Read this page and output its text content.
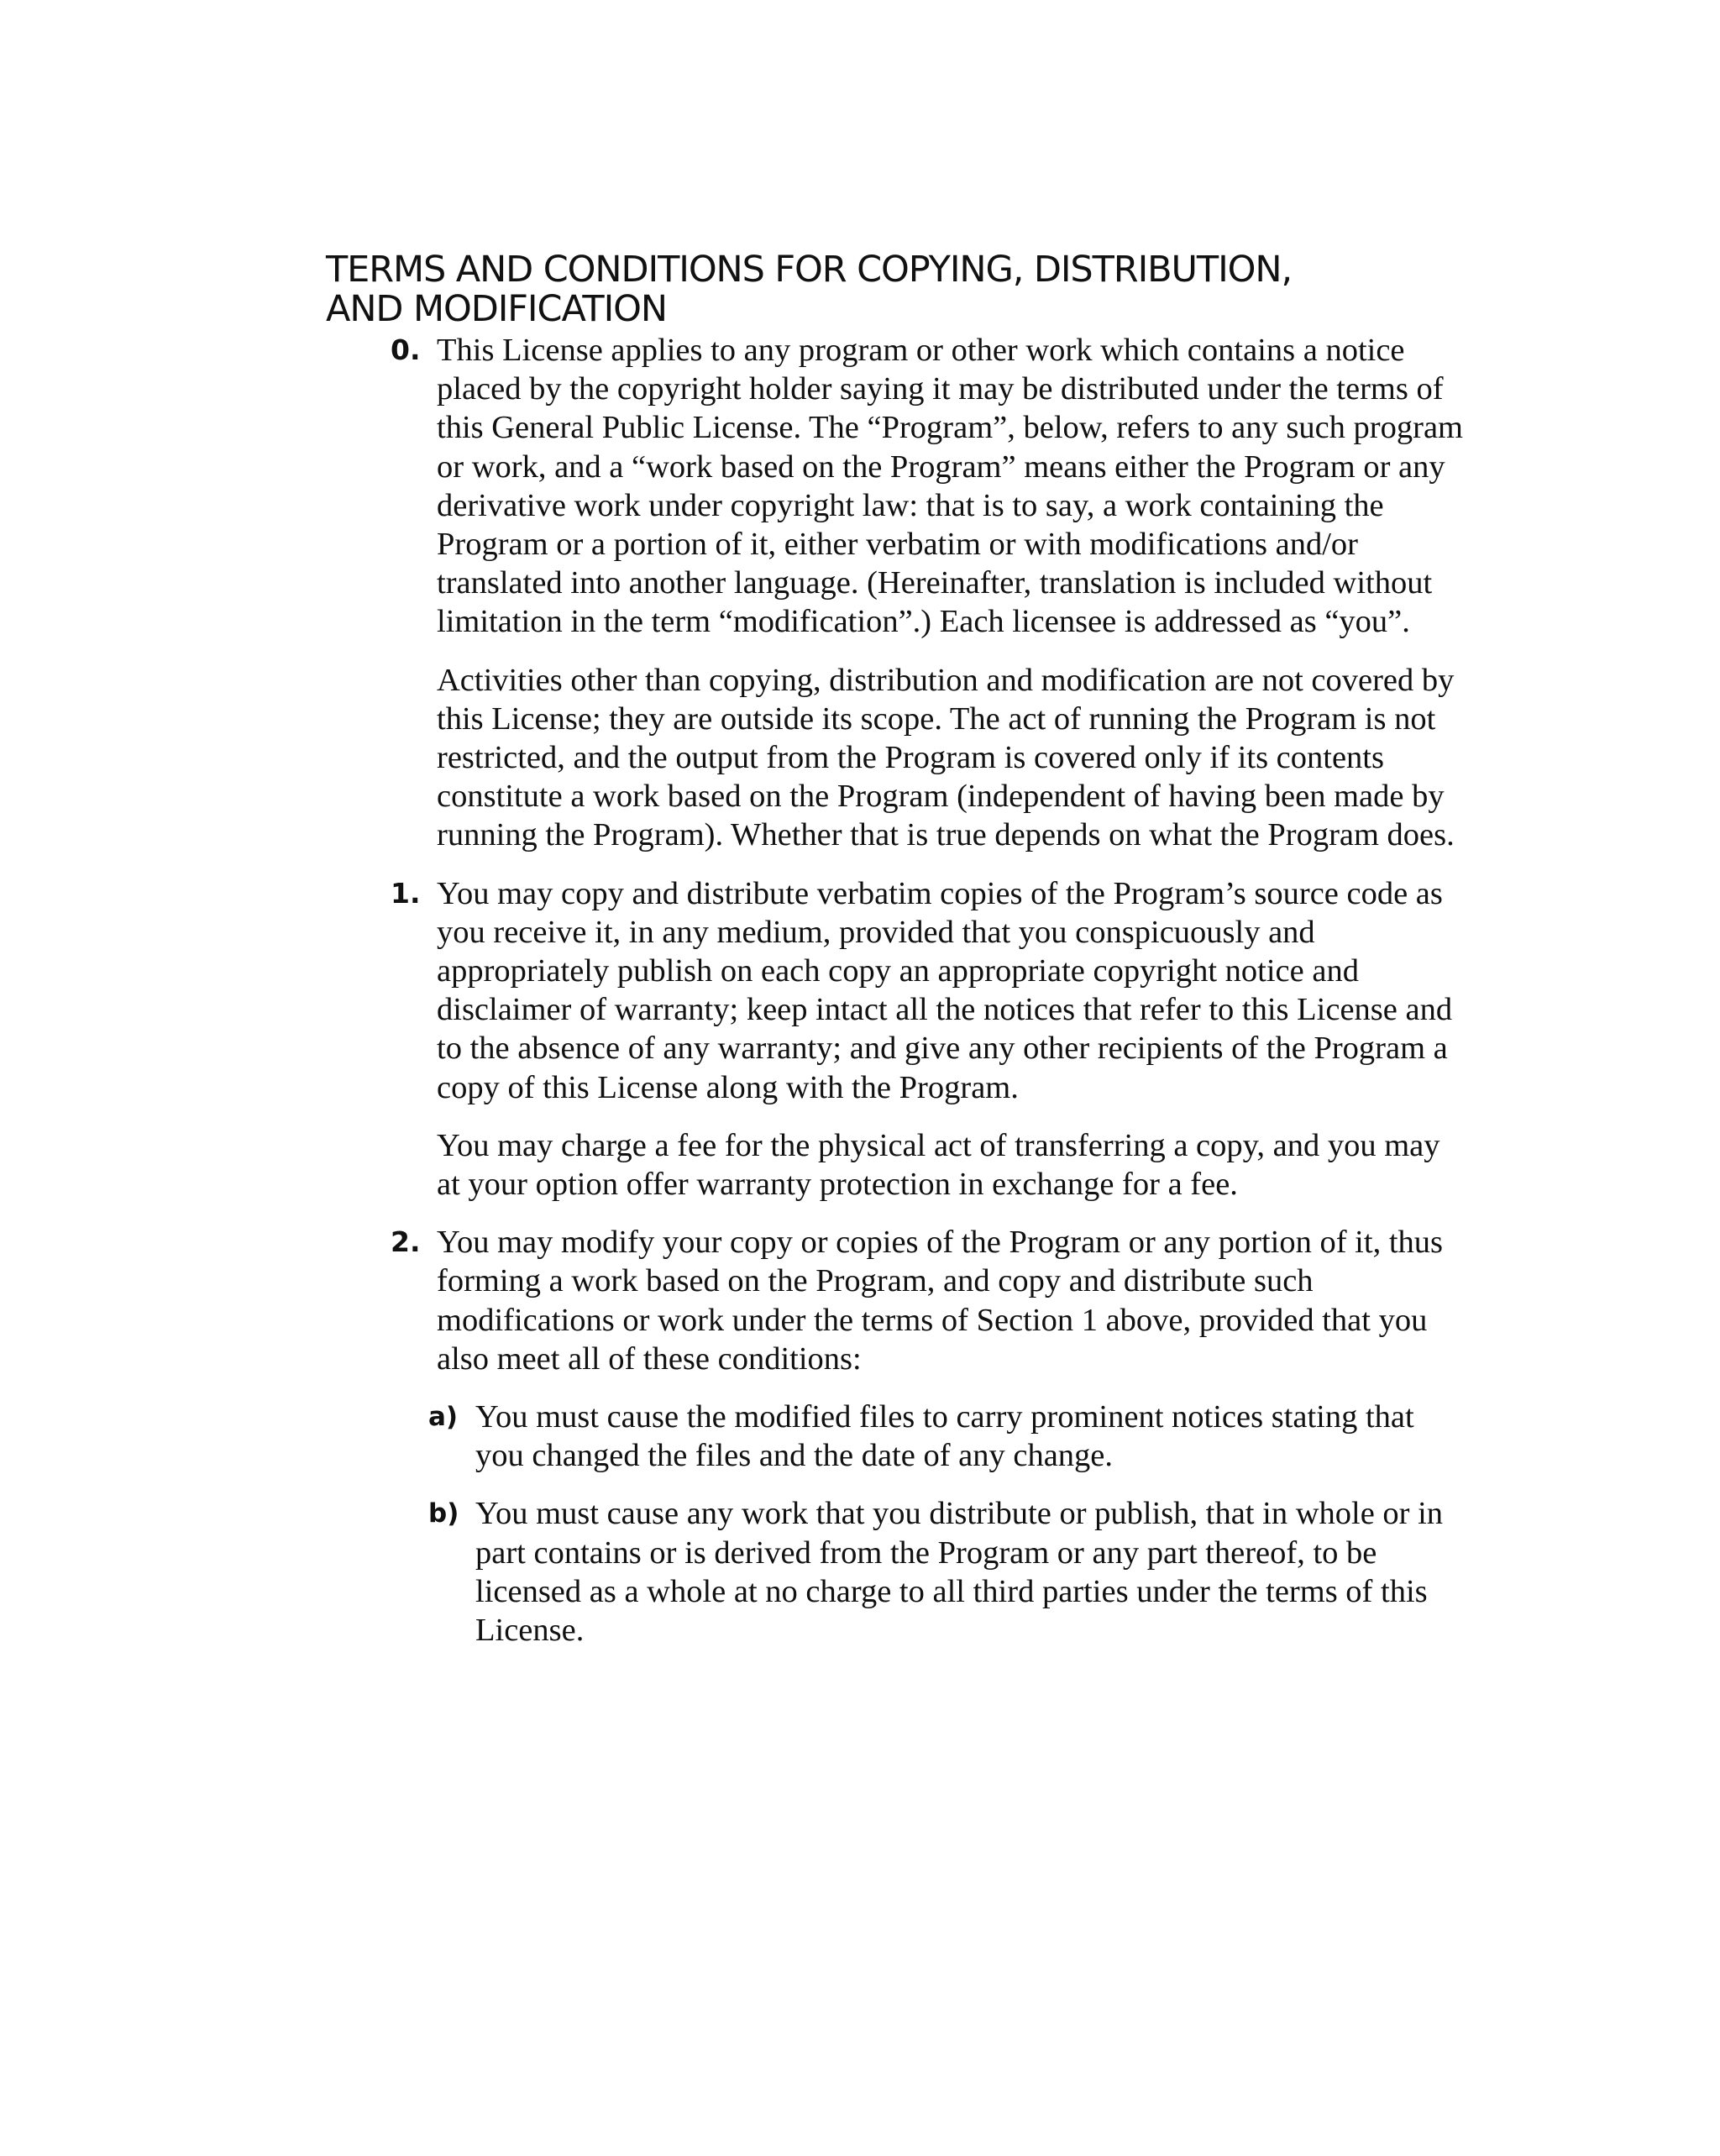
TERMS AND CONDITIONS FOR COPYING, DISTRIBUTION,
AND MODIFICATION
0. This License applies to any program or other work which contains a notice placed by the copyright holder saying it may be distributed under the terms of this General Public License. The “Program”, below, refers to any such program or work, and a “work based on the Program” means either the Program or any derivative work under copyright law: that is to say, a work containing the Program or a portion of it, either verbatim or with modifications and/or translated into another language. (Hereinafter, translation is included without limitation in the term “modification”.) Each licensee is addressed as “you”.

Activities other than copying, distribution and modification are not covered by this License; they are outside its scope. The act of running the Program is not restricted, and the output from the Program is covered only if its contents constitute a work based on the Program (independent of having been made by running the Program). Whether that is true depends on what the Program does.

1. You may copy and distribute verbatim copies of the Program’s source code as you receive it, in any medium, provided that you conspicuously and appropriately publish on each copy an appropriate copyright notice and disclaimer of warranty; keep intact all the notices that refer to this License and to the absence of any warranty; and give any other recipients of the Program a copy of this License along with the Program.

You may charge a fee for the physical act of transferring a copy, and you may at your option offer warranty protection in exchange for a fee.

2. You may modify your copy or copies of the Program or any portion of it, thus forming a work based on the Program, and copy and distribute such modifications or work under the terms of Section 1 above, provided that you also meet all of these conditions:

a) You must cause the modified files to carry prominent notices stating that you changed the files and the date of any change.

b) You must cause any work that you distribute or publish, that in whole or in part contains or is derived from the Program or any part thereof, to be licensed as a whole at no charge to all third parties under the terms of this License.
